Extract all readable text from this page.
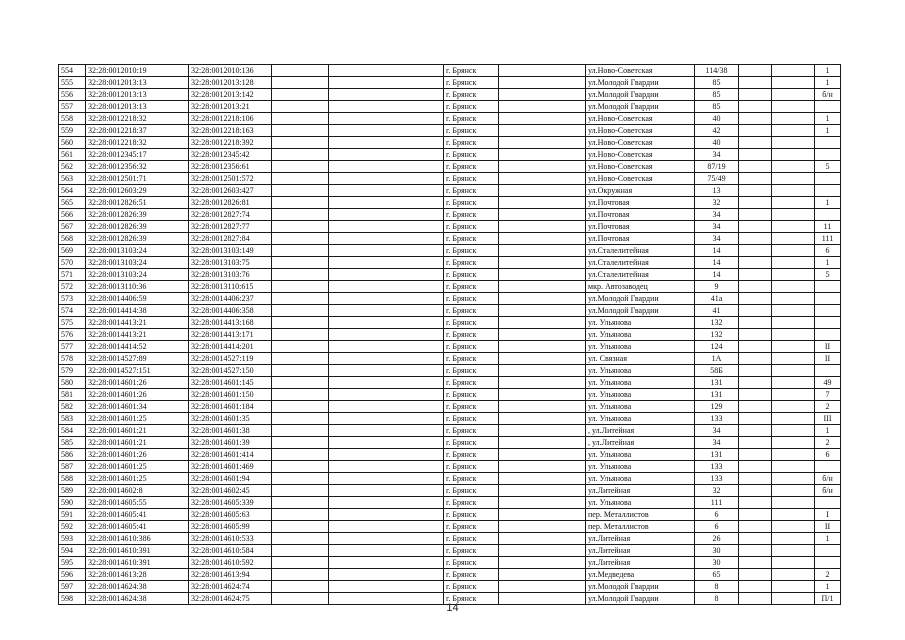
554	32:28:0012010:19	32:28:0012010:136			г. Брянск		ул.Ново-Советская	114/38			1
555	32:28:0012013:13	32:28:0012013:128			г. Брянск		ул.Молодой Гвардии	85			1
556	32:28:0012013:13	32:28:0012013:142			г. Брянск		ул.Молодой Гвардии	85			б/н
557	32:28:0012013:13	32:28:0012013:21			г. Брянск		ул.Молодой Гвардии	85			
558	32:28:0012218:32	32:28:0012218:106			г. Брянск		ул.Ново-Советская	40			1
559	32:28:0012218:37	32:28:0012218:163			г. Брянск		ул.Ново-Советская	42			1
560	32:28:0012218:32	32:28:0012218:392			г. Брянск		ул.Ново-Советская	40			
561	32:28:0012345:17	32:28:0012345:42			г. Брянск		ул.Ново-Советская	34			
562	32:28:0012356:32	32:28:0012356:61			г. Брянск		ул.Ново-Советская	87/19			5
563	32:28:0012501:71	32:28:0012501:572			г. Брянск		ул.Ново-Советская	75/49			
564	32:28:0012603:29	32:28:0012603:427			г. Брянск		ул.Окружная	13			
565	32:28:0012826:51	32:28:0012826:81			г. Брянск		ул.Почтовая	32			1
566	32:28:0012826:39	32:28:0012827:74			г. Брянск		ул.Почтовая	34			
567	32:28:0012826:39	32:28:0012827:77			г. Брянск		ул.Почтовая	34			11
568	32:28:0012826:39	32:28:0012827:84			г. Брянск		ул.Почтовая	34			111
569	32:28:0013103:24	32:28:0013103:149			г. Брянск		ул.Сталелитейная	14			6
570	32:28:0013103:24	32:28:0013103:75			г. Брянск		ул.Сталелитейная	14			1
571	32:28:0013103:24	32:28:0013103:76			г. Брянск		ул.Сталелитейная	14			5
572	32:28:0013110:36	32:28:0013110:615			г. Брянск		мкр. Автозаводец	9			
573	32:28:0014406:59	32:28:0014406:237			г. Брянск		ул.Молодой Гвардии	41а			
574	32:28:0014414:38	32:28:0014406:358			г. Брянск		ул.Молодой Гвардии	41			
575	32:28:0014413:21	32:28:0014413:168			г. Брянск		ул. Ульянова	132			
576	32:28:0014413:21	32:28:0014413:171			г. Брянск		ул. Ульянова	132			
577	32:28:0014414:52	32:28:0014414:201			г. Брянск		ул. Ульянова	124			II
578	32:28:0014527:89	32:28:0014527:119			г. Брянск		ул. Связная	1А			II
579	32:28:0014527:151	32:28:0014527:150			г. Брянск		ул. Ульянова	58Б			
580	32:28:0014601:26	32:28:0014601:145			г. Брянск		ул. Ульянова	131			49
581	32:28:0014601:26	32:28:0014601:150			г. Брянск		ул. Ульянова	131			7
582	32:28:0014601:34	32:28:0014601:184			г. Брянск		ул. Ульянова	129			2
583	32:28:0014601:25	32:28:0014601:35			г. Брянск		ул. Ульянова	133			III
584	32:28:0014601:21	32:28:0014601:38			г. Брянск		, ул.Литейная	34			1
585	32:28:0014601:21	32:28:0014601:39			г. Брянск		, ул.Литейная	34			2
586	32:28:0014601:26	32:28:0014601:414			г. Брянск		ул. Ульянова	131			6
587	32:28:0014601:25	32:28:0014601:469			г. Брянск		ул. Ульянова	133			
588	32:28:0014601:25	32:28:0014601:94			г. Брянск		ул. Ульянова	133			б/н
589	32:28:0014602:8	32:28:0014602:45			г. Брянск		ул.Литейная	32			б/н
590	32:28:0014605:55	32:28:0014605:339			г. Брянск		ул. Ульянова	111			
591	32:28:0014605:41	32:28:0014605:63			г. Брянск		пер. Металлистов	6			I
592	32:28:0014605:41	32:28:0014605:99			г. Брянск		пер. Металлистов	6			II
593	32:28:0014610:386	32:28:0014610:533			г. Брянск		ул.Литейная	26			1
594	32:28:0014610:391	32:28:0014610:584			г. Брянск		ул.Литейная	30			
595	32:28:0014610:391	32:28:0014610:592			г. Брянск		ул.Литейная	30			
596	32:28:0014613:28	32:28:0014613:94			г. Брянск		ул.Медведева	65			2
597	32:28:0014624:38	32:28:0014624:74			г. Брянск		ул.Молодой Гвардии	8			1
598	32:28:0014624:38	32:28:0014624:75			г. Брянск		ул.Молодой Гвардии	8			П/1
14
